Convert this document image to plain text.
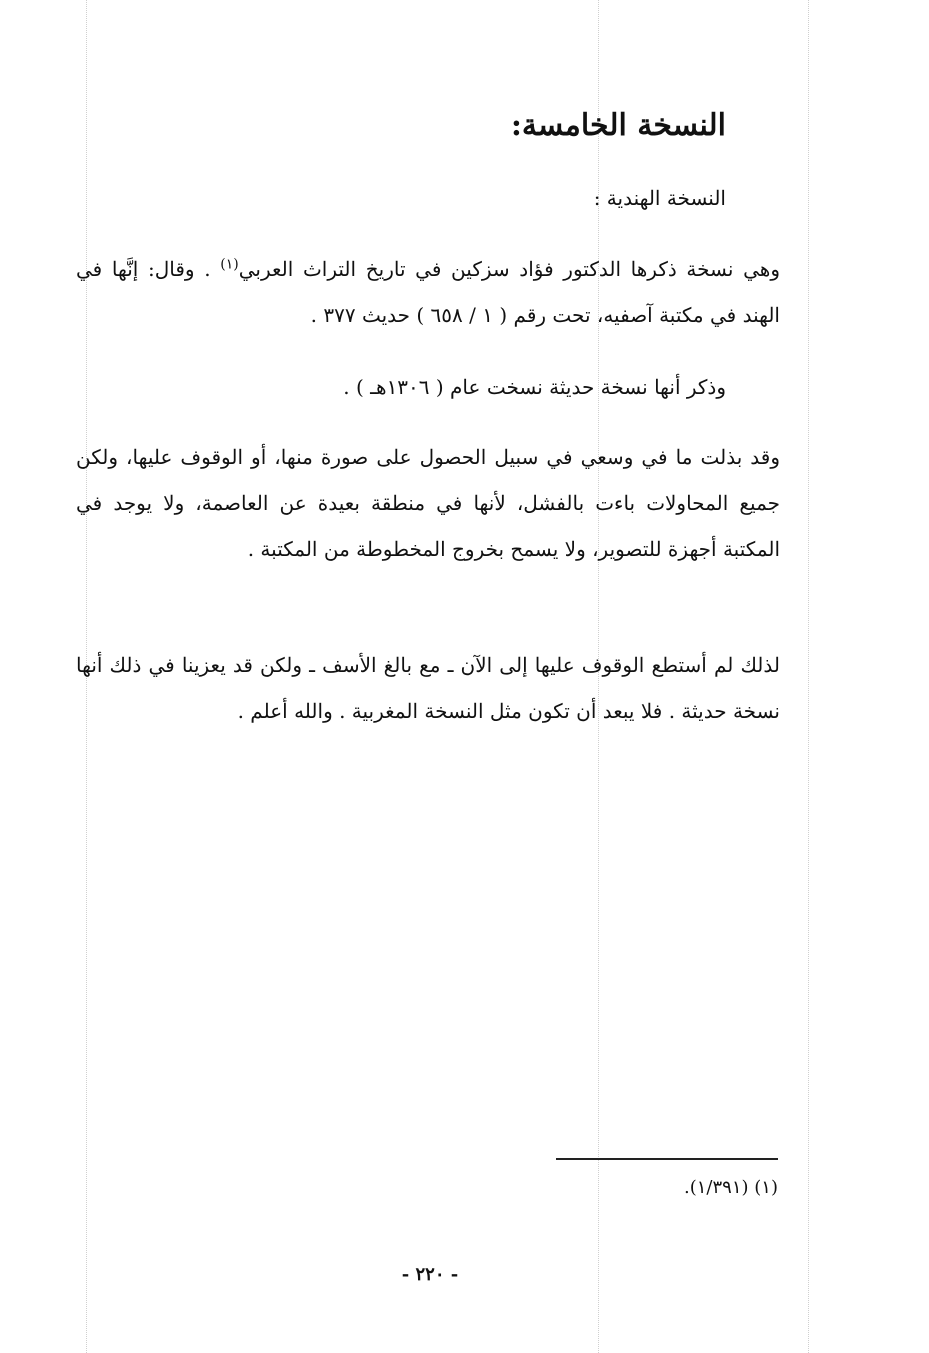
النسخة الخامسة:
النسخة الهندية :
وهي نسخة ذكرها الدكتور فؤاد سزكين في تاريخ التراث العربي$^{(١)}$ . وقال: إنَّها في الهند في مكتبة آصفيه، تحت رقم ( ١ / ٦٥٨ ) حديث ٣٧٧ .
وذكر أنها نسخة حديثة نسخت عام ( ١٣٠٦هـ ) .
وقد بذلت ما في وسعي في سبيل الحصول على صورة منها، أو الوقوف عليها، ولكن جميع المحاولات باءت بالفشل، لأنها في منطقة بعيدة عن العاصمة، ولا يوجد في المكتبة أجهزة للتصوير، ولا يسمح بخروج المخطوطة من المكتبة .
لذلك لم أستطع الوقوف عليها إلى الآن ـ مع بالغ الأسف ـ ولكن قد يعزينا في ذلك أنها نسخة حديثة . فلا يبعد أن تكون مثل النسخة المغربية . والله أعلم .
(١) (١/٣٩١).
- ٢٢٠ -
